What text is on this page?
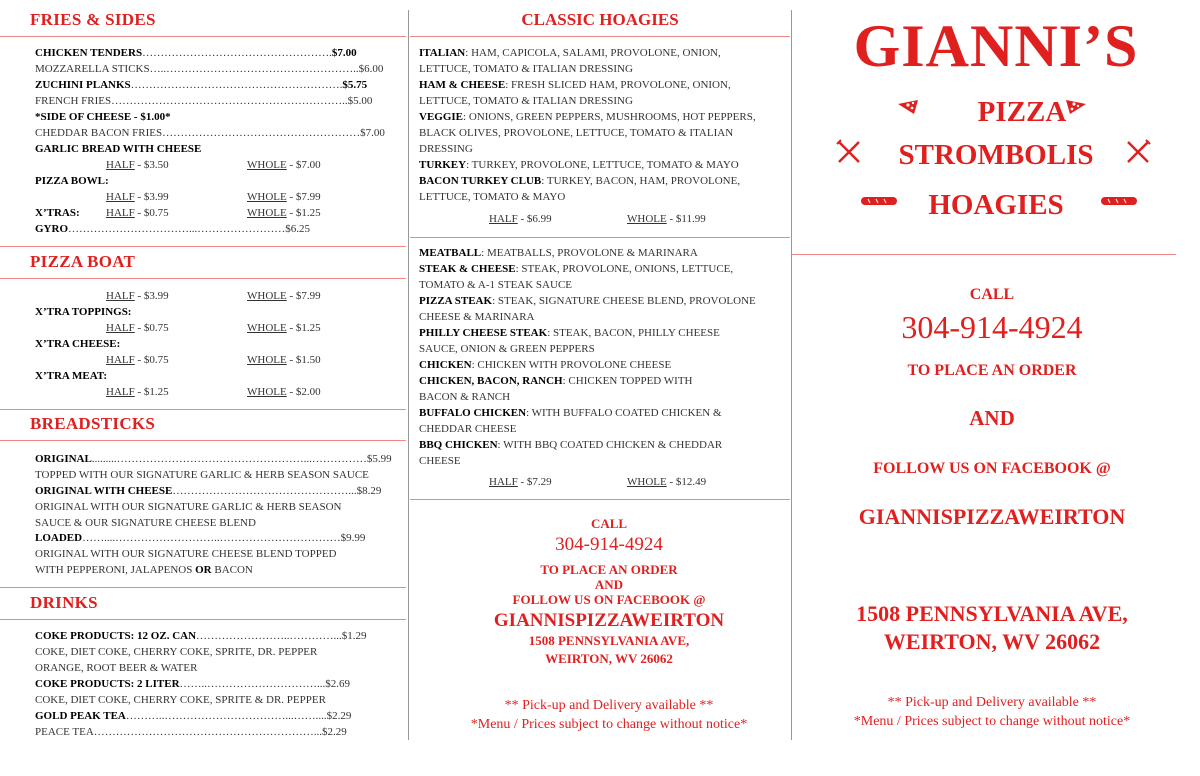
FRIES & SIDES
CHICKEN TENDERS…………………………………………….$7.00
MOZZARELLA STICKS…..……………………………………………..$6.00
ZUCHINI PLANKS………………………………………………….$5.75
FRENCH FRIES………………………………………………………..$5.00
*SIDE OF CHEESE - $1.00*
CHEDDAR BACON FRIES………………………………………………$7.00
GARLIC BREAD WITH CHEESE
HALF - $3.50	WHOLE - $7.00
PIZZA BOWL:
HALF - $3.99	WHOLE - $7.99
X’TRAS: HALF - $0.75	WHOLE - $1.25
GYRO……………………………...……………………$6.25
PIZZA BOAT
HALF - $3.99	WHOLE - $7.99
X’TRA TOPPINGS:
HALF - $0.75	WHOLE - $1.25
X’TRA CHEESE:
HALF - $0.75	WHOLE - $1.50
X’TRA MEAT:
HALF - $1.25	WHOLE - $2.00
BREADSTICKS
ORIGINAL.........……………………………………………...……………$5.99
TOPPED WITH OUR SIGNATURE GARLIC & HERB SEASON SAUCE
ORIGINAL WITH CHEESE…………………………………………...$8.29
ORIGINAL WITH OUR SIGNATURE GARLIC & HERB SEASON
SAUCE & OUR SIGNATURE CHEESE BLEND
LOADED……....………………………..……………………………$9.99
ORIGINAL WITH OUR SIGNATURE CHEESE BLEND TOPPED
WITH PEPPERONI, JALAPENOS OR BACON
DRINKS
COKE PRODUCTS: 12 OZ. CAN……………………..…………...$1.29
COKE, DIET COKE, CHERRY COKE, SPRITE, DR. PEPPER
ORANGE, ROOT BEER & WATER
COKE PRODUCTS: 2 LITER……..…………………………...$2.69
COKE, DIET COKE, CHERRY COKE, SPRITE & DR. PEPPER
GOLD PEAK TEA………..……………………………...……....$2.29
PEACE TEA……………………………………………………...$2.29
CLASSIC HOAGIES
ITALIAN: HAM, CAPICOLA, SALAMI, PROVOLONE, ONION,
LETTUCE, TOMATO & ITALIAN DRESSING
HAM & CHEESE: FRESH SLICED HAM, PROVOLONE, ONION,
LETTUCE, TOMATO & ITALIAN DRESSING
VEGGIE: ONIONS, GREEN PEPPERS, MUSHROOMS, HOT PEPPERS,
BLACK OLIVES, PROVOLONE, LETTUCE, TOMATO & ITALIAN
DRESSING
TURKEY: TURKEY, PROVOLONE, LETTUCE, TOMATO & MAYO
BACON TURKEY CLUB: TURKEY, BACON, HAM, PROVOLONE,
LETTUCE, TOMATO & MAYO
HALF - $6.99	WHOLE - $11.99
MEATBALL: MEATBALLS, PROVOLONE & MARINARA
STEAK & CHEESE: STEAK, PROVOLONE, ONIONS, LETTUCE,
TOMATO & A-1 STEAK SAUCE
PIZZA STEAK: STEAK, SIGNATURE CHEESE BLEND, PROVOLONE
CHEESE & MARINARA
PHILLY CHEESE STEAK: STEAK, BACON, PHILLY CHEESE
SAUCE, ONION & GREEN PEPPERS
CHICKEN: CHICKEN WITH PROVOLONE CHEESE
CHICKEN, BACON, RANCH: CHICKEN TOPPED WITH
BACON & RANCH
BUFFALO CHICKEN: WITH BUFFALO COATED CHICKEN &
CHEDDAR CHEESE
BBQ CHICKEN: WITH BBQ COATED CHICKEN & CHEDDAR
CHEESE
HALF - $7.29	WHOLE - $12.49
CALL
304-914-4924
TO PLACE AN ORDER
AND
FOLLOW US ON FACEBOOK @
GIANNISPIZZAWEIRTON
1508 PENNSYLVANIA AVE,
WEIRTON, WV 26062
** Pick-up and Delivery available **
*Menu / Prices subject to change without notice*
GIANNI’S
PIZZA
STROMBOLIS
HOAGIES
CALL
304-914-4924
TO PLACE AN ORDER
AND
FOLLOW US ON FACEBOOK @
GIANNISPIZZAWEIRTON
1508 PENNSYLVANIA AVE,
WEIRTON, WV 26062
** Pick-up and Delivery available **
*Menu / Prices subject to change without notice*
